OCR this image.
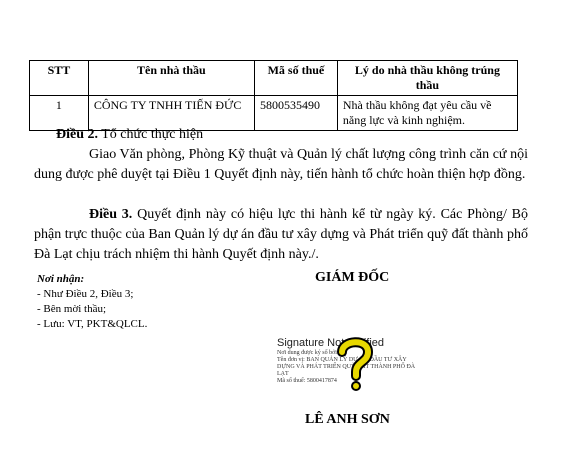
STT	Tên nhà thầu	Mã số thuế	Lý do nhà thầu không trúng thầu
1	CÔNG TY TNHH TIẾN ĐỨC	5800535490	Nhà thầu không đạt yêu cầu về năng lực và kinh nghiệm.
Điều 2. Tổ chức thực hiện
Giao Văn phòng, Phòng Kỹ thuật và Quản lý chất lượng công trình căn cứ nội dung được phê duyệt tại Điều 1 Quyết định này, tiến hành tổ chức hoàn thiện hợp đồng.
Điều 3. Quyết định này có hiệu lực thi hành kể từ ngày ký. Các Phòng/ Bộ phận trực thuộc của Ban Quản lý dự án đầu tư xây dựng và Phát triển quỹ đất thành phố Đà Lạt chịu trách nhiệm thi hành Quyết định này./.
Nơi nhận:
- Như Điều 2, Điều 3;
- Bên mời thầu;
- Lưu: VT, PKT&QLCL.
GIÁM ĐỐC
Signature Not Verified
Nơi dung được ký số bởi:
Tên đơn vị: BAN QUẢN LÝ DỰ ÁN ĐẦU TƯ XÂY
DỰNG VÀ PHÁT TRIỂN QUỸ ĐẤT THÀNH PHỐ ĐÀ
LẠT
Mã số thuế: 5800417874
LÊ ANH SƠN
